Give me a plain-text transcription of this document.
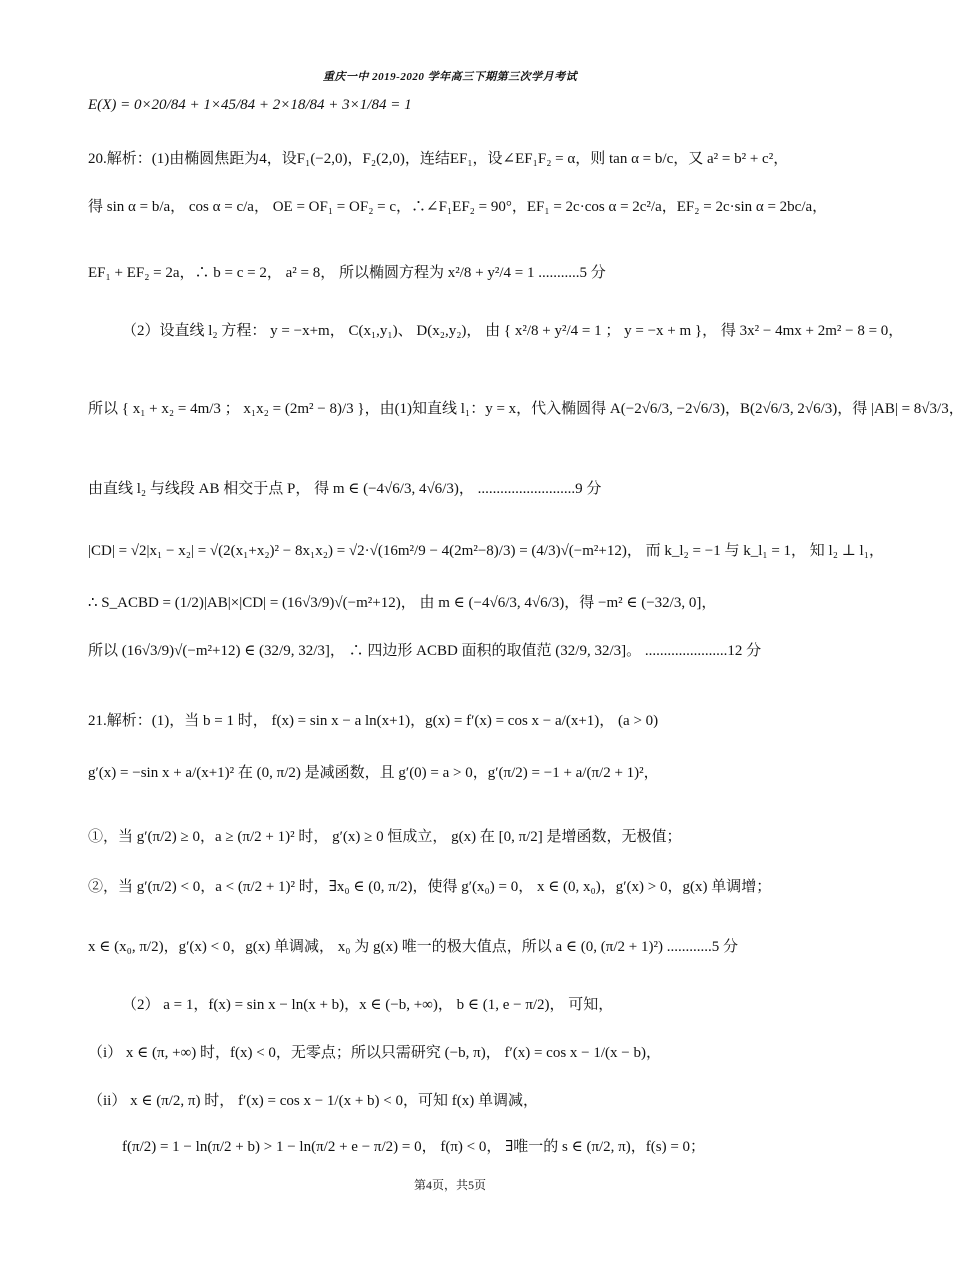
重庆一中 2019-2020 学年高三下期第三次学月考试
E(X) = 0×20/84 + 1×45/84 + 2×18/84 + 3×1/84 = 1
20.解析：(1)由椭圆焦距为4，设F₁(−2,0)，F₂(2,0)，连结EF₁，设∠EF₁F₂ = α，则 tan α = b/c，又 a² = b² + c²，
得 sin α = b/a， cos α = c/a， OE = OF₁ = OF₂ = c，∴∠F₁EF₂ = 90°，EF₁ = 2c·cos α = 2c²/a，EF₂ = 2c·sin α = 2bc/a，
EF₁ + EF₂ = 2a，∴ b = c = 2， a² = 8， 所以椭圆方程为 x²/8 + y²/4 = 1 ...........5 分
（2）设直线 l₂ 方程： y = −x+m， C(x₁,y₁)、 D(x₂,y₂)， 由 { x²/8 + y²/4 = 1 ； y = −x + m }， 得 3x² − 4mx + 2m² − 8 = 0，
所以 { x₁ + x₂ = 4m/3 ； x₁x₂ = (2m² − 8)/3 }，由(1)知直线 l₁：y = x，代入椭圆得 A(−2√6/3, −2√6/3)，B(2√6/3, 2√6/3)，得 |AB| = 8√3/3，
由直线 l₂ 与线段 AB 相交于点 P， 得 m ∈ (−4√6/3, 4√6/3)， ..........................9 分
|CD| = √2|x₁ − x₂| = √(2(x₁+x₂)² − 8x₁x₂) = √2·√(16m²/9 − 4(2m²−8)/3) = (4/3)√(−m²+12)， 而 k_l₂ = −1 与 k_l₁ = 1， 知 l₂ ⊥ l₁，
∴ S_ACBD = (1/2)|AB|×|CD| = (16√3/9)√(−m²+12)， 由 m ∈ (−4√6/3, 4√6/3)，得 −m² ∈ (−32/3, 0]，
所以 (16√3/9)√(−m²+12) ∈ (32/9, 32/3]， ∴ 四边形 ACBD 面积的取值范 (32/9, 32/3]。 ......................12 分
21.解析：(1)，当 b = 1 时， f(x) = sin x − a ln(x+1)，g(x) = f′(x) = cos x − a/(x+1)， (a > 0)
g′(x) = −sin x + a/(x+1)² 在 (0, π/2) 是减函数，且 g′(0) = a > 0，g′(π/2) = −1 + a/(π/2 + 1)²，
①，当 g′(π/2) ≥ 0，a ≥ (π/2 + 1)² 时， g′(x) ≥ 0 恒成立， g(x) 在 [0, π/2] 是增函数，无极值；
②，当 g′(π/2) < 0，a < (π/2 + 1)² 时，∃x₀ ∈ (0, π/2)，使得 g′(x₀) = 0， x ∈ (0, x₀)，g′(x) > 0，g(x) 单调增；
x ∈ (x₀, π/2)，g′(x) < 0，g(x) 单调减， x₀ 为 g(x) 唯一的极大值点，所以 a ∈ (0, (π/2 + 1)²) ............5 分
（2） a = 1，f(x) = sin x − ln(x + b)，x ∈ (−b, +∞)， b ∈ (1, e − π/2)， 可知，
（i） x ∈ (π, +∞) 时，f(x) < 0，无零点；所以只需研究 (−b, π)， f′(x) = cos x − 1/(x − b)，
（ii） x ∈ (π/2, π) 时， f′(x) = cos x − 1/(x + b) < 0，可知 f(x) 单调减，
f(π/2) = 1 − ln(π/2 + b) > 1 − ln(π/2 + e − π/2) = 0， f(π) < 0， ∃唯一的 s ∈ (π/2, π)，f(s) = 0；
第4页，共5页
